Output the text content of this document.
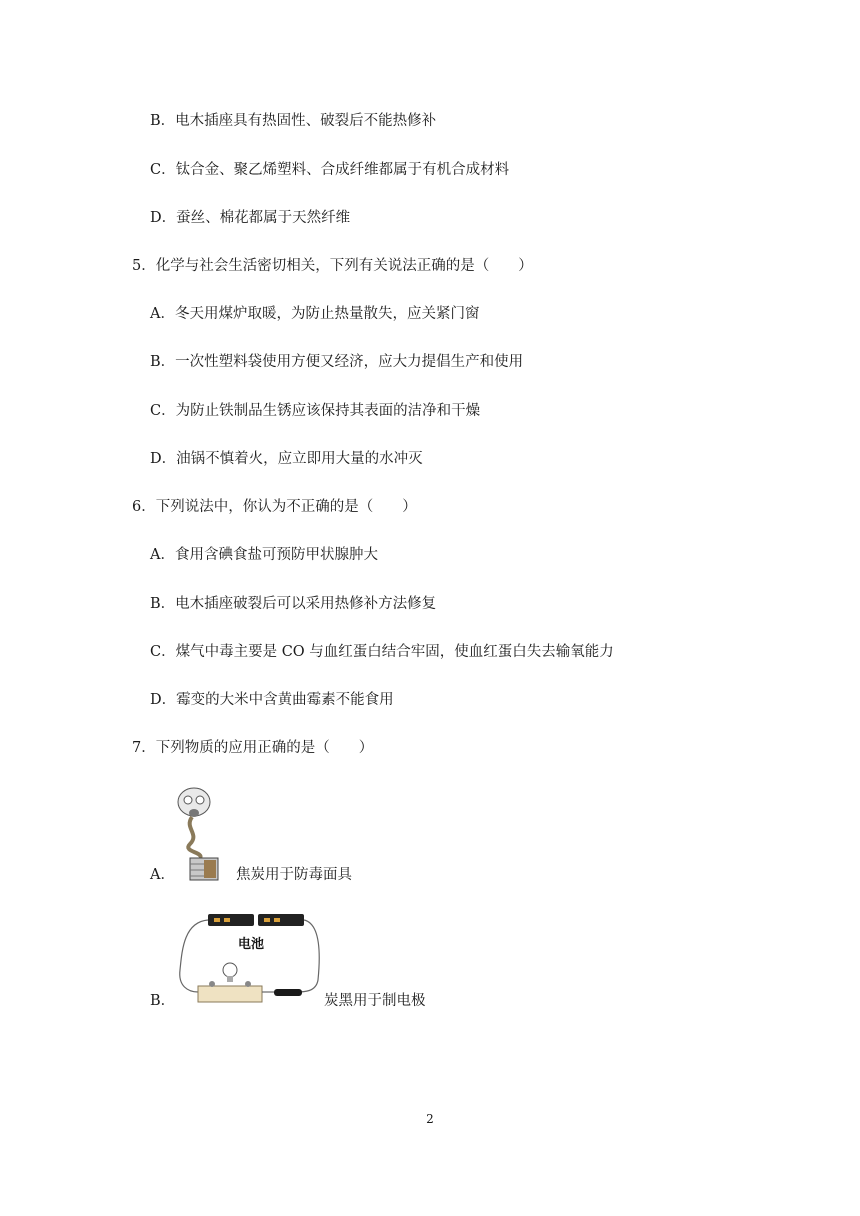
B．电木插座具有热固性、破裂后不能热修补
C．钛合金、聚乙烯塑料、合成纤维都属于有机合成材料
D．蚕丝、棉花都属于天然纤维
5．化学与社会生活密切相关，下列有关说法正确的是（　　）
A．冬天用煤炉取暖，为防止热量散失，应关紧门窗
B．一次性塑料袋使用方便又经济，应大力提倡生产和使用
C．为防止铁制品生锈应该保持其表面的洁净和干燥
D．油锅不慎着火，应立即用大量的水冲灭
6．下列说法中，你认为不正确的是（　　）
A．食用含碘食盐可预防甲状腺肿大
B．电木插座破裂后可以采用热修补方法修复
C．煤气中毒主要是 CO 与血红蛋白结合牢固，使血红蛋白失去输氧能力
D．霉变的大米中含黄曲霉素不能食用
7．下列物质的应用正确的是（　　）
A．	焦炭用于防毒面具
电池
B．	炭黑用于制电极
2
